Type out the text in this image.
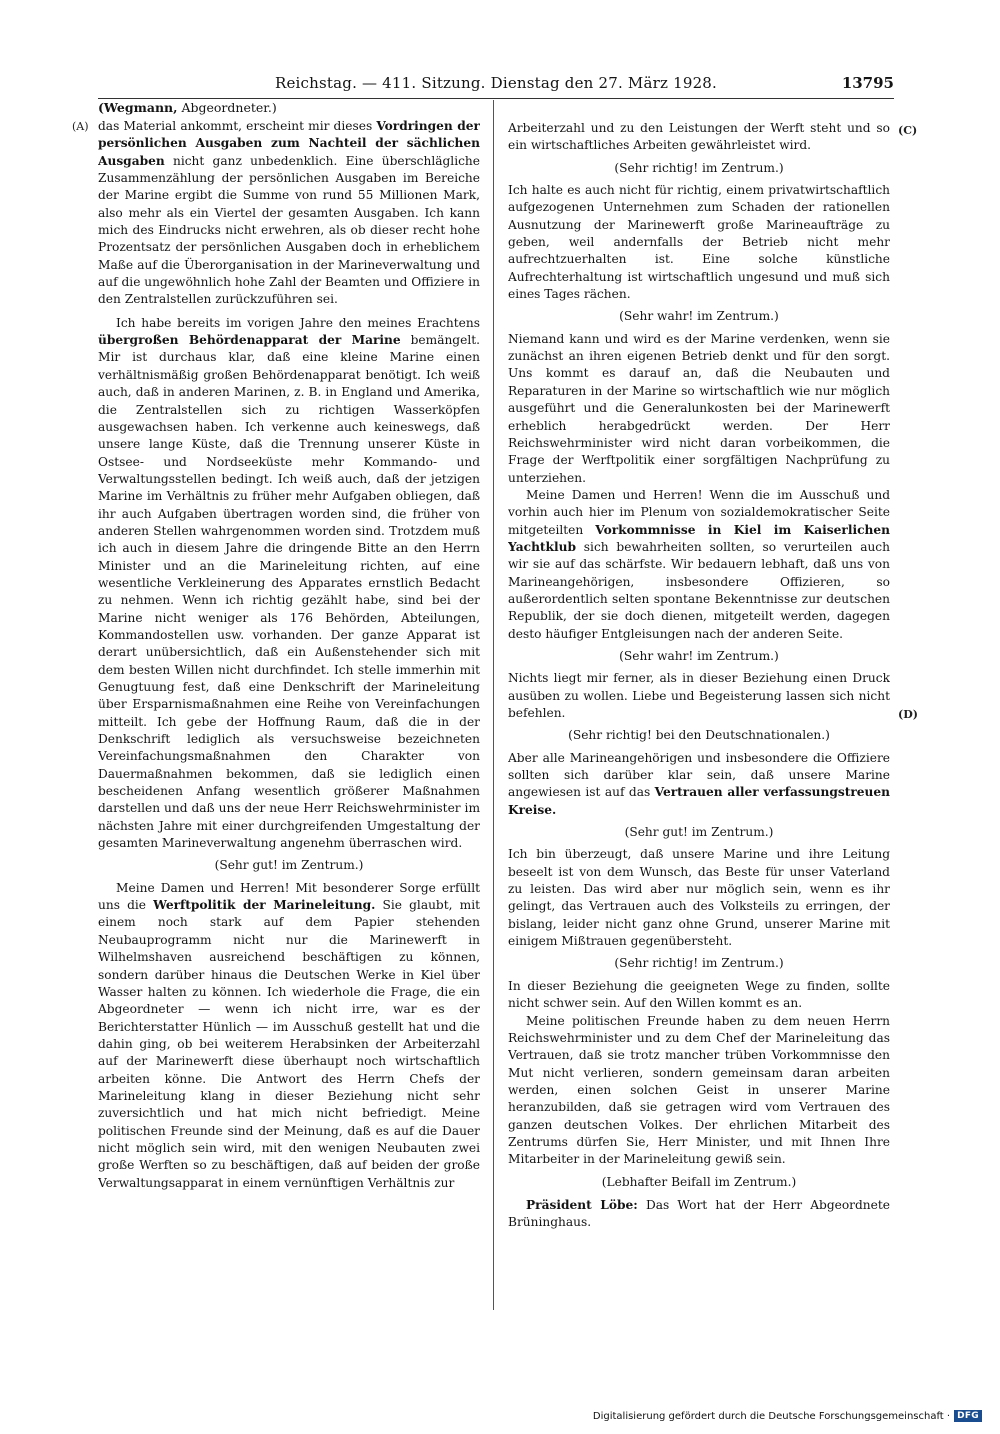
Reichstag. — 411. Sitzung. Dienstag den 27. März 1928.	13795
(Wegmann, Abgeordneter.)
(A)	(C)
(D)

das Material ankommt, erscheint mir dieses Vordringen der persönlichen Ausgaben zum Nachteil der sächlichen Ausgaben nicht ganz unbedenklich. Eine überschlägliche Zusammenzählung der persönlichen Ausgaben im Bereiche der Marine ergibt die Summe von rund 55 Millionen Mark, also mehr als ein Viertel der gesamten Ausgaben. Ich kann mich des Eindrucks nicht erwehren, als ob dieser recht hohe Prozentsatz der persönlichen Ausgaben doch in erheblichem Maße auf die Überorganisation in der Marineverwaltung und auf die ungewöhnlich hohe Zahl der Beamten und Offiziere in den Zentralstellen zurückzuführen sei.

Ich habe bereits im vorigen Jahre den meines Erachtens übergroßen Behördenapparat der Marine bemängelt. Mir ist durchaus klar, daß eine kleine Marine einen verhältnismäßig großen Behördenapparat benötigt. Ich weiß auch, daß in anderen Marinen, z. B. in England und Amerika, die Zentralstellen sich zu richtigen Wasserköpfen ausgewachsen haben. Ich verkenne auch keineswegs, daß unsere lange Küste, daß die Trennung unserer Küste in Ostsee- und Nordseeküste mehr Kommando- und Verwaltungsstellen bedingt. Ich weiß auch, daß der jetzigen Marine im Verhältnis zu früher mehr Aufgaben obliegen, daß ihr auch Aufgaben übertragen worden sind, die früher von anderen Stellen wahrgenommen worden sind. Trotzdem muß ich auch in diesem Jahre die dringende Bitte an den Herrn Minister und an die Marineleitung richten, auf eine wesentliche Verkleinerung des Apparates ernstlich Bedacht zu nehmen. Wenn ich richtig gezählt habe, sind bei der Marine nicht weniger als 176 Behörden, Abteilungen, Kommandostellen usw. vorhanden. Der ganze Apparat ist derart unübersichtlich, daß ein Außenstehender sich mit dem besten Willen nicht durchfindet. Ich stelle immerhin mit Genugtuung fest, daß eine Denkschrift der Marineleitung über Ersparnismaßnahmen eine Reihe von Vereinfachungen mitteilt. Ich gebe der Hoffnung Raum, daß die in der Denkschrift lediglich als versuchsweise bezeichneten Vereinfachungsmaßnahmen den Charakter von Dauermaßnahmen bekommen, daß sie lediglich einen bescheidenen Anfang wesentlich größerer Maßnahmen darstellen und daß uns der neue Herr Reichswehrminister im nächsten Jahre mit einer durchgreifenden Umgestaltung der gesamten Marineverwaltung angenehm überraschen wird.

(Sehr gut! im Zentrum.)

Meine Damen und Herren! Mit besonderer Sorge erfüllt uns die Werftpolitik der Marineleitung. Sie glaubt, mit einem noch stark auf dem Papier stehenden Neubauprogramm nicht nur die Marinewerft in Wilhelmshaven ausreichend beschäftigen zu können, sondern darüber hinaus die Deutschen Werke in Kiel über Wasser halten zu können. Ich wiederhole die Frage, die ein Abgeordneter — wenn ich nicht irre, war es der Berichterstatter Hünlich — im Ausschuß gestellt hat und die dahin ging, ob bei weiterem Herabsinken der Arbeiterzahl auf der Marinewerft diese überhaupt noch wirtschaftlich arbeiten könne. Die Antwort des Herrn Chefs der Marineleitung klang in dieser Beziehung nicht sehr zuversichtlich und hat mich nicht befriedigt. Meine politischen Freunde sind der Meinung, daß es auf die Dauer nicht möglich sein wird, mit den wenigen Neubauten zwei große Werften so zu beschäftigen, daß auf beiden der große Verwaltungsapparat in einem vernünftigen Verhältnis zur

Arbeiterzahl und zu den Leistungen der Werft steht und so ein wirtschaftliches Arbeiten gewährleistet wird.

(Sehr richtig! im Zentrum.)

Ich halte es auch nicht für richtig, einem privatwirtschaftlich aufgezogenen Unternehmen zum Schaden der rationellen Ausnutzung der Marinewerft große Marineaufträge zu geben, weil andernfalls der Betrieb nicht mehr aufrechtzuerhalten ist. Eine solche künstliche Aufrechterhaltung ist wirtschaftlich ungesund und muß sich eines Tages rächen.

(Sehr wahr! im Zentrum.)

Niemand kann und wird es der Marine verdenken, wenn sie zunächst an ihren eigenen Betrieb denkt und für den sorgt. Uns kommt es darauf an, daß die Neubauten und Reparaturen in der Marine so wirtschaftlich wie nur möglich ausgeführt und die Generalunkosten bei der Marinewerft erheblich herabgedrückt werden. Der Herr Reichswehrminister wird nicht daran vorbeikommen, die Frage der Werftpolitik einer sorgfältigen Nachprüfung zu unterziehen.

Meine Damen und Herren! Wenn die im Ausschuß und vorhin auch hier im Plenum von sozialdemokratischer Seite mitgeteilten Vorkommnisse in Kiel im Kaiserlichen Yachtklub sich bewahrheiten sollten, so verurteilen auch wir sie auf das schärfste. Wir bedauern lebhaft, daß uns von Marineangehörigen, insbesondere Offizieren, so außerordentlich selten spontane Bekenntnisse zur deutschen Republik, der sie doch dienen, mitgeteilt werden, dagegen desto häufiger Entgleisungen nach der anderen Seite.

(Sehr wahr! im Zentrum.)

Nichts liegt mir ferner, als in dieser Beziehung einen Druck ausüben zu wollen. Liebe und Begeisterung lassen sich nicht befehlen.

(Sehr richtig! bei den Deutschnationalen.)

Aber alle Marineangehörigen und insbesondere die Offiziere sollten sich darüber klar sein, daß unsere Marine angewiesen ist auf das Vertrauen aller verfassungstreuen Kreise.

(Sehr gut! im Zentrum.)

Ich bin überzeugt, daß unsere Marine und ihre Leitung beseelt ist von dem Wunsch, das Beste für unser Vaterland zu leisten. Das wird aber nur möglich sein, wenn es ihr gelingt, das Vertrauen auch des Volksteils zu erringen, der bislang, leider nicht ganz ohne Grund, unserer Marine mit einigem Mißtrauen gegenübersteht.

(Sehr richtig! im Zentrum.)

In dieser Beziehung die geeigneten Wege zu finden, sollte nicht schwer sein. Auf den Willen kommt es an.

Meine politischen Freunde haben zu dem neuen Herrn Reichswehrminister und zu dem Chef der Marineleitung das Vertrauen, daß sie trotz mancher trüben Vorkommnisse den Mut nicht verlieren, sondern gemeinsam daran arbeiten werden, einen solchen Geist in unserer Marine heranzubilden, daß sie getragen wird vom Vertrauen des ganzen deutschen Volkes. Der ehrlichen Mitarbeit des Zentrums dürfen Sie, Herr Minister, und mit Ihnen Ihre Mitarbeiter in der Marineleitung gewiß sein.

(Lebhafter Beifall im Zentrum.)

Präsident Löbe: Das Wort hat der Herr Abgeordnete Brüninghaus.

Digitalisierung gefördert durch die Deutsche Forschungsgemeinschaft · DFG
